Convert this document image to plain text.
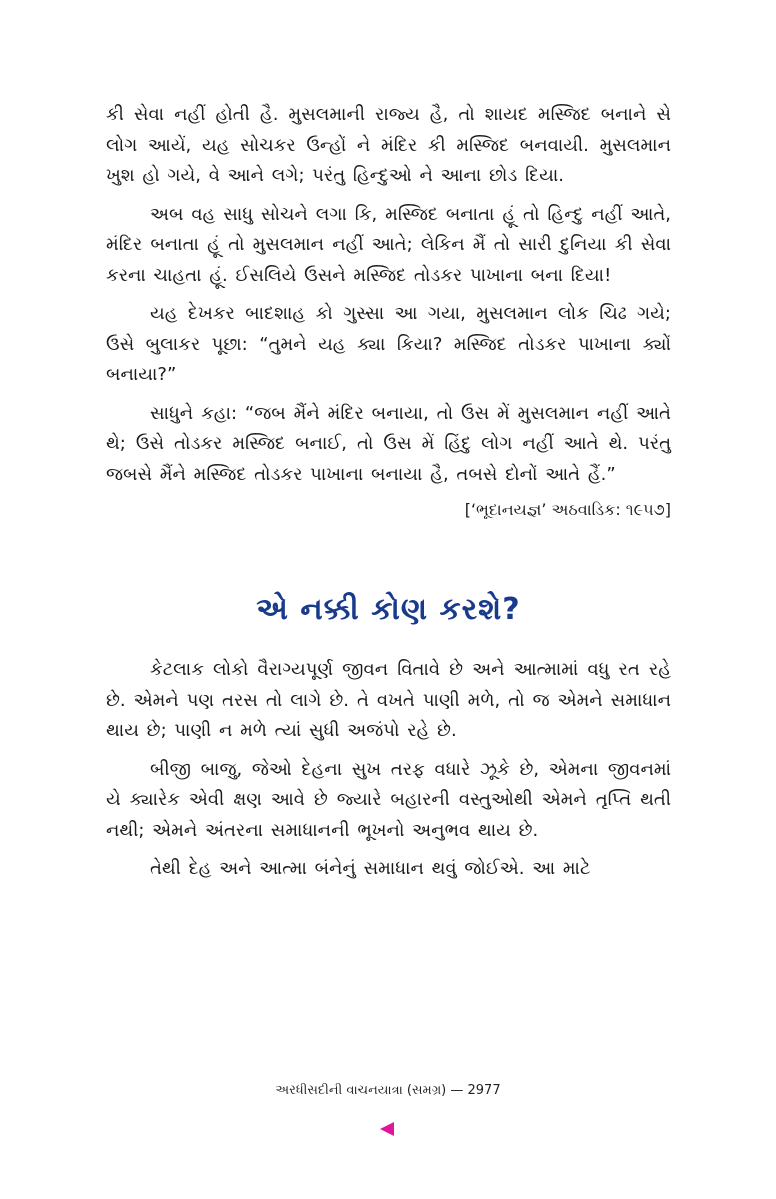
કી સેવા નહીં હોતી હૈ. મુસલમાની રાજ્ય હૈ, તો શાયદ મસ્જિદ બનાને સે લોગ આયેં, યહ સોચકર ઉન્હોં ને મંદિર કી મસ્જિદ બનવાયી. મુસલમાન ખુશ હો ગયે, વે આને લગે; પરંતુ હિન્દુઓ ને આના છોડ દિયા.

અબ વહ સાધુ સોચને લગા કિ, મસ્જિદ બનાતા હૂં તો હિન્દુ નહીં આતે, મંદિર બનાતા હૂં તો મુસલમાન નહીં આતે; લેકિન મૈં તો સારી દુનિયા કી સેવા કરના ચાહતા હૂં. ઈસલિયે ઉસને મસ્જિદ તોડકર પાખાના બના દિયા!

યહ દેખકર બાદશાહ કો ગુસ્સા આ ગયા, મુસલમાન લોક ચિઢ ગયે; ઉસે બુલાકર પૂછા: “તુમને યહ ક્યા કિયા? મસ્જિદ તોડકર પાખાના ક્યોં બનાયા?”

સાધુને કહા: “જબ મૈંને મંદિર બનાયા, તો ઉસ મેં મુસલમાન નહીં આતે થે; ઉસે તોડકર મસ્જિદ બનાઈ, તો ઉસ મેં હિંદુ લોગ નહીં આતે થે. પરંતુ જબસે મૈંને મસ્જિદ તોડકર પાખાના બનાયા હૈ, તબસે દોનોં આતે હૈં.”

[‘ભૂદાનયજ્ઞ’ અઠવાડિક: ૧૯૫૭]

એ નક્કી કોણ કરશે?

કેટલાક લોકો વૈરાગ્યપૂર્ણ જીવન વિતાવે છે અને આત્મામાં વધુ રત રહે છે. એમને પણ તરસ તો લાગે છે. તે વખતે પાણી મળે, તો જ એમને સમાધાન થાય છે; પાણી ન મળે ત્યાં સુધી અજંપો રહે છે.

બીજી બાજુ, જેઓ દેહના સુખ તરફ વધારે ઝૂકે છે, એમના જીવનમાં યે ક્યારેક એવી ક્ષણ આવે છે જ્યારે બહારની વસ્તુઓથી એમને તૃપ્તિ થતી નથી; એમને અંતરના સમાધાનની ભૂખનો અનુભવ થાય છે.

તેથી દેહ અને આત્મા બંનેનું સમાધાન થવું જોઈએ. આ માટે

અરધીસદીની વાચનયાત્રા (સમગ્ર) — 2977
